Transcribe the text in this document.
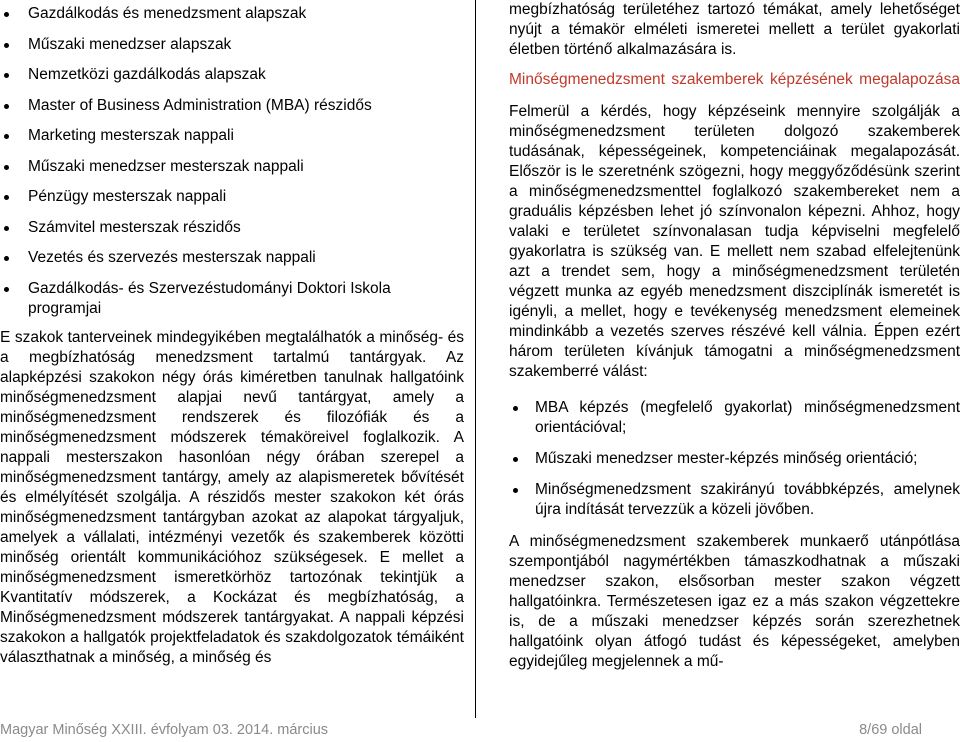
Gazdálkodás és menedzsment alapszak
Műszaki menedzser alapszak
Nemzetközi gazdálkodás alapszak
Master of Business Administration (MBA) részidős
Marketing mesterszak nappali
Műszaki menedzser mesterszak nappali
Pénzügy mesterszak nappali
Számvitel mesterszak részidős
Vezetés és szervezés mesterszak nappali
Gazdálkodás- és Szervezéstudományi Doktori Iskola programjai

E szakok tanterveinek mindegyikében megtalálhatók a minőség- és a megbízhatóság menedzsment tartalmú tantárgyak. Az alapképzési szakokon négy órás kiméretben tanulnak hallgatóink minőségmenedzsment alapjai nevű tantárgyat, amely a minőségmenedzsment rendszerek és filozófiák és a minőségmenedzsment módszerek témaköreivel foglalkozik. A nappali mesterszakon hasonlóan négy órában szerepel a minőségmenedzsment tantárgy, amely az alapismeretek bővítését és elmélyítését szolgálja. A részidős mester szakokon két órás minőségmenedzsment tantárgyban azokat az alapokat tárgyaljuk, amelyek a vállalati, intézményi vezetők és szakemberek közötti minőség orientált kommunikációhoz szükségesek. E mellet a minőségmenedzsment ismeretkörhöz tartozónak tekintjük a Kvantitatív módszerek, a Kockázat és megbízhatóság, a Minőségmenedzsment módszerek tantárgyakat. A nappali képzési szakokon a hallgatók projektfeladatok és szakdolgozatok témáiként választhatnak a minőség, a minőség és

megbízhatóság területéhez tartozó témákat, amely lehetőséget nyújt a témakör elméleti ismeretei mellett a terület gyakorlati életben történő alkalmazására is.

Minőségmenedzsment szakemberek képzésének megalapozása

Felmerül a kérdés, hogy képzéseink mennyire szolgálják a minőségmenedzsment területen dolgozó szakemberek tudásának, képességeinek, kompetenciáinak megalapozását. Először is le szeretnénk szögezni, hogy meggyőződésünk szerint a minőségmenedzsmenttel foglalkozó szakembereket nem a graduális képzésben lehet jó színvonalon képezni. Ahhoz, hogy valaki e területet színvonalasan tudja képviselni megfelelő gyakorlatra is szükség van. E mellett nem szabad elfelejtenünk azt a trendet sem, hogy a minőségmenedzsment területén végzett munka az egyéb menedzsment diszciplínák ismeretét is igényli, a mellet, hogy e tevékenység menedzsment elemeinek mindinkább a vezetés szerves részévé kell válnia. Éppen ezért három területen kívánjuk támogatni a minőségmenedzsment szakemberré válást:

MBA képzés (megfelelő gyakorlat) minőségmenedzsment orientációval;
Műszaki menedzser mester-képzés minőség orientáció;
Minőségmenedzsment szakirányú továbbképzés, amelynek újra indítását tervezzük a közeli jövőben.

A minőségmenedzsment szakemberek munkaerő utánpótlása szempontjából nagymértékben támaszkodhatnak a műszaki menedzser szakon, elsősorban mester szakon végzett hallgatóinkra. Természetesen igaz ez a más szakon végzettekre is, de a műszaki menedzser képzés során szerezhetnek hallgatóink olyan átfogó tudást és képességeket, amelyben egyidejűleg megjelennek a mű-

Magyar Minőség XXIII. évfolyam 03. 2014. március	8/69 oldal
